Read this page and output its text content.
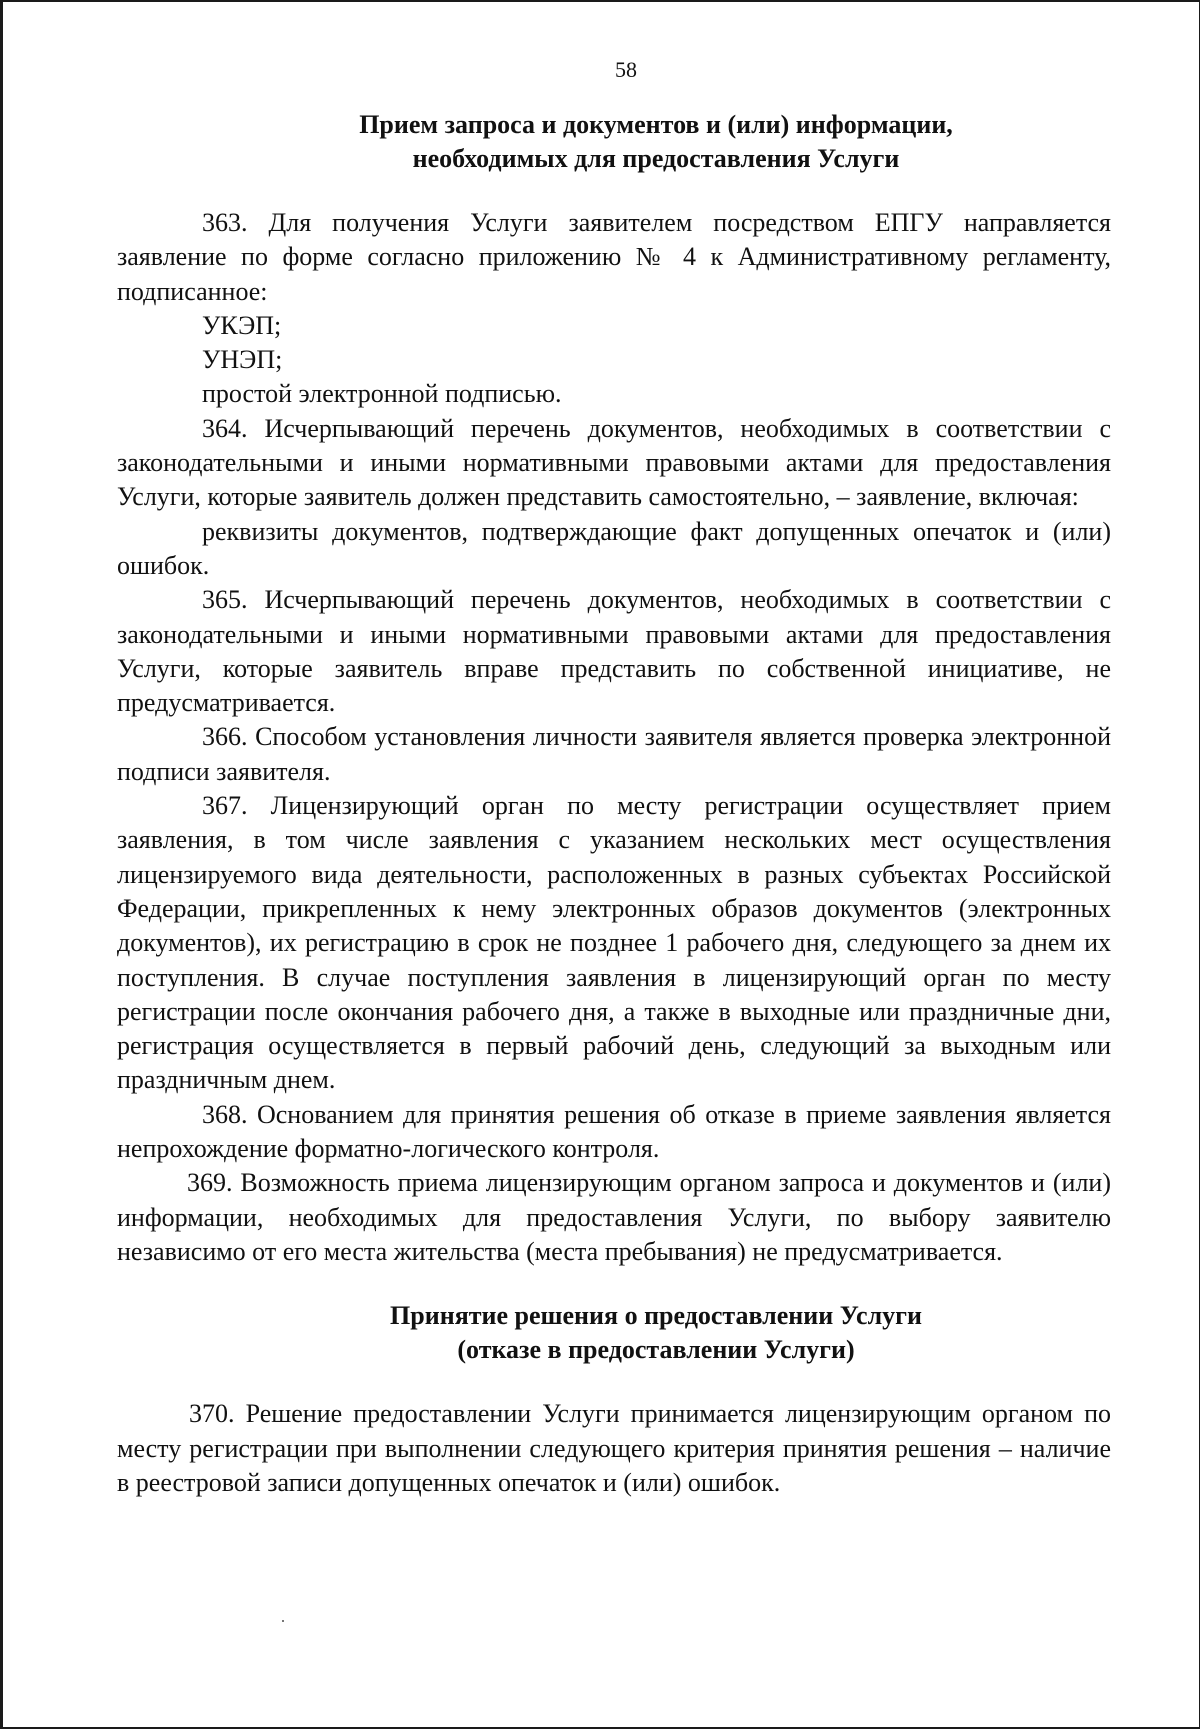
58
Прием запроса и документов и (или) информации,
необходимых для предоставления Услуги

363. Для получения Услуги заявителем посредством ЕПГУ направляется заявление по форме согласно приложению № 4 к Административному регламенту, подписанное:

УКЭП;

УНЭП;

простой электронной подписью.

364. Исчерпывающий перечень документов, необходимых в соответствии с законодательными и иными нормативными правовыми актами для предоставления Услуги, которые заявитель должен представить самостоятельно, – заявление, включая:

реквизиты документов, подтверждающие факт допущенных опечаток и (или) ошибок.

365. Исчерпывающий перечень документов, необходимых в соответствии с законодательными и иными нормативными правовыми актами для предоставления Услуги, которые заявитель вправе представить по собственной инициативе, не предусматривается.

366. Способом установления личности заявителя является проверка электронной подписи заявителя.

367. Лицензирующий орган по месту регистрации осуществляет прием заявления, в том числе заявления с указанием нескольких мест осуществления лицензируемого вида деятельности, расположенных в разных субъектах Российской Федерации, прикрепленных к нему электронных образов документов (электронных документов), их регистрацию в срок не позднее 1 рабочего дня, следующего за днем их поступления. В случае поступления заявления в лицензирующий орган по месту регистрации после окончания рабочего дня, а также в выходные или праздничные дни, регистрация осуществляется в первый рабочий день, следующий за выходным или праздничным днем.

368. Основанием для принятия решения об отказе в приеме заявления является непрохождение форматно-логического контроля.

369. Возможность приема лицензирующим органом запроса и документов и (или) информации, необходимых для предоставления Услуги, по выбору заявителю независимо от его места жительства (места пребывания) не предусматривается.

Принятие решения о предоставлении Услуги
(отказе в предоставлении Услуги)

370. Решение предоставлении Услуги принимается лицензирующим органом по месту регистрации при выполнении следующего критерия принятия решения – наличие в реестровой записи допущенных опечаток и (или) ошибок.
